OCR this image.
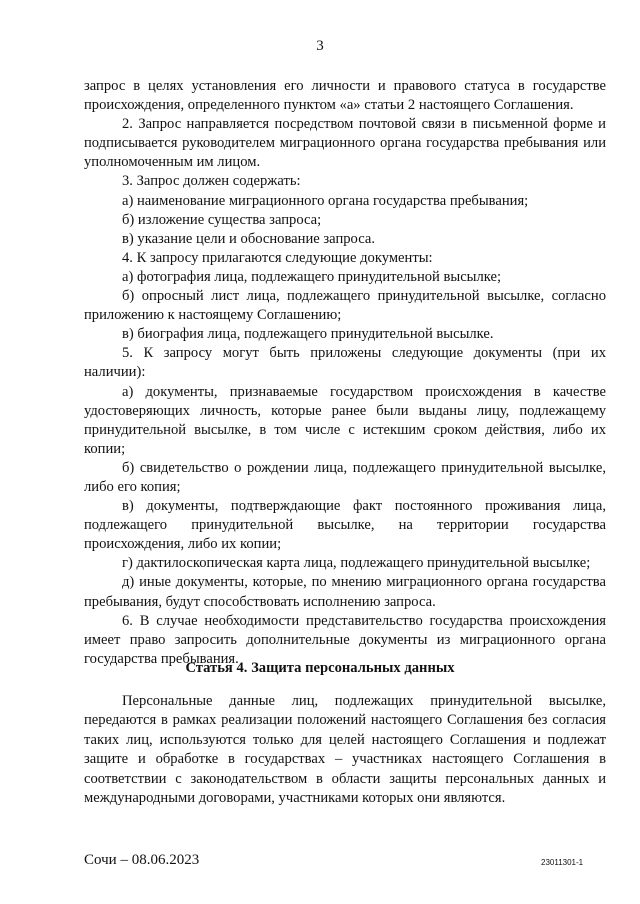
3

запрос в целях установления его личности и правового статуса в государстве происхождения, определенного пунктом «а» статьи 2 настоящего Соглашения.

2. Запрос направляется посредством почтовой связи в письменной форме и подписывается руководителем миграционного органа государства пребывания или уполномоченным им лицом.

3. Запрос должен содержать:

а) наименование миграционного органа государства пребывания;

б) изложение существа запроса;

в) указание цели и обоснование запроса.

4. К запросу прилагаются следующие документы:

а) фотография лица, подлежащего принудительной высылке;

б) опросный лист лица, подлежащего принудительной высылке, согласно приложению к настоящему Соглашению;

в) биография лица, подлежащего принудительной высылке.

5. К запросу могут быть приложены следующие документы (при их наличии):

а) документы, признаваемые государством происхождения в качестве удостоверяющих личность, которые ранее были выданы лицу, подлежащему принудительной высылке, в том числе с истекшим сроком действия, либо их копии;

б) свидетельство о рождении лица, подлежащего принудительной высылке, либо его копия;

в) документы, подтверждающие факт постоянного проживания лица, подлежащего принудительной высылке, на территории государства происхождения, либо их копии;

г) дактилоскопическая карта лица, подлежащего принудительной высылке;

д) иные документы, которые, по мнению миграционного органа государства пребывания, будут способствовать исполнению запроса.

6. В случае необходимости представительство государства происхождения имеет право запросить дополнительные документы из миграционного органа государства пребывания.

Статья 4. Защита персональных данных

Персональные данные лиц, подлежащих принудительной высылке, передаются в рамках реализации положений настоящего Соглашения без согласия таких лиц, используются только для целей настоящего Соглашения и подлежат защите и обработке в государствах – участниках настоящего Соглашения в соответствии с законодательством в области защиты персональных данных и международными договорами, участниками которых они являются.

Сочи – 08.06.2023	23011301-1
